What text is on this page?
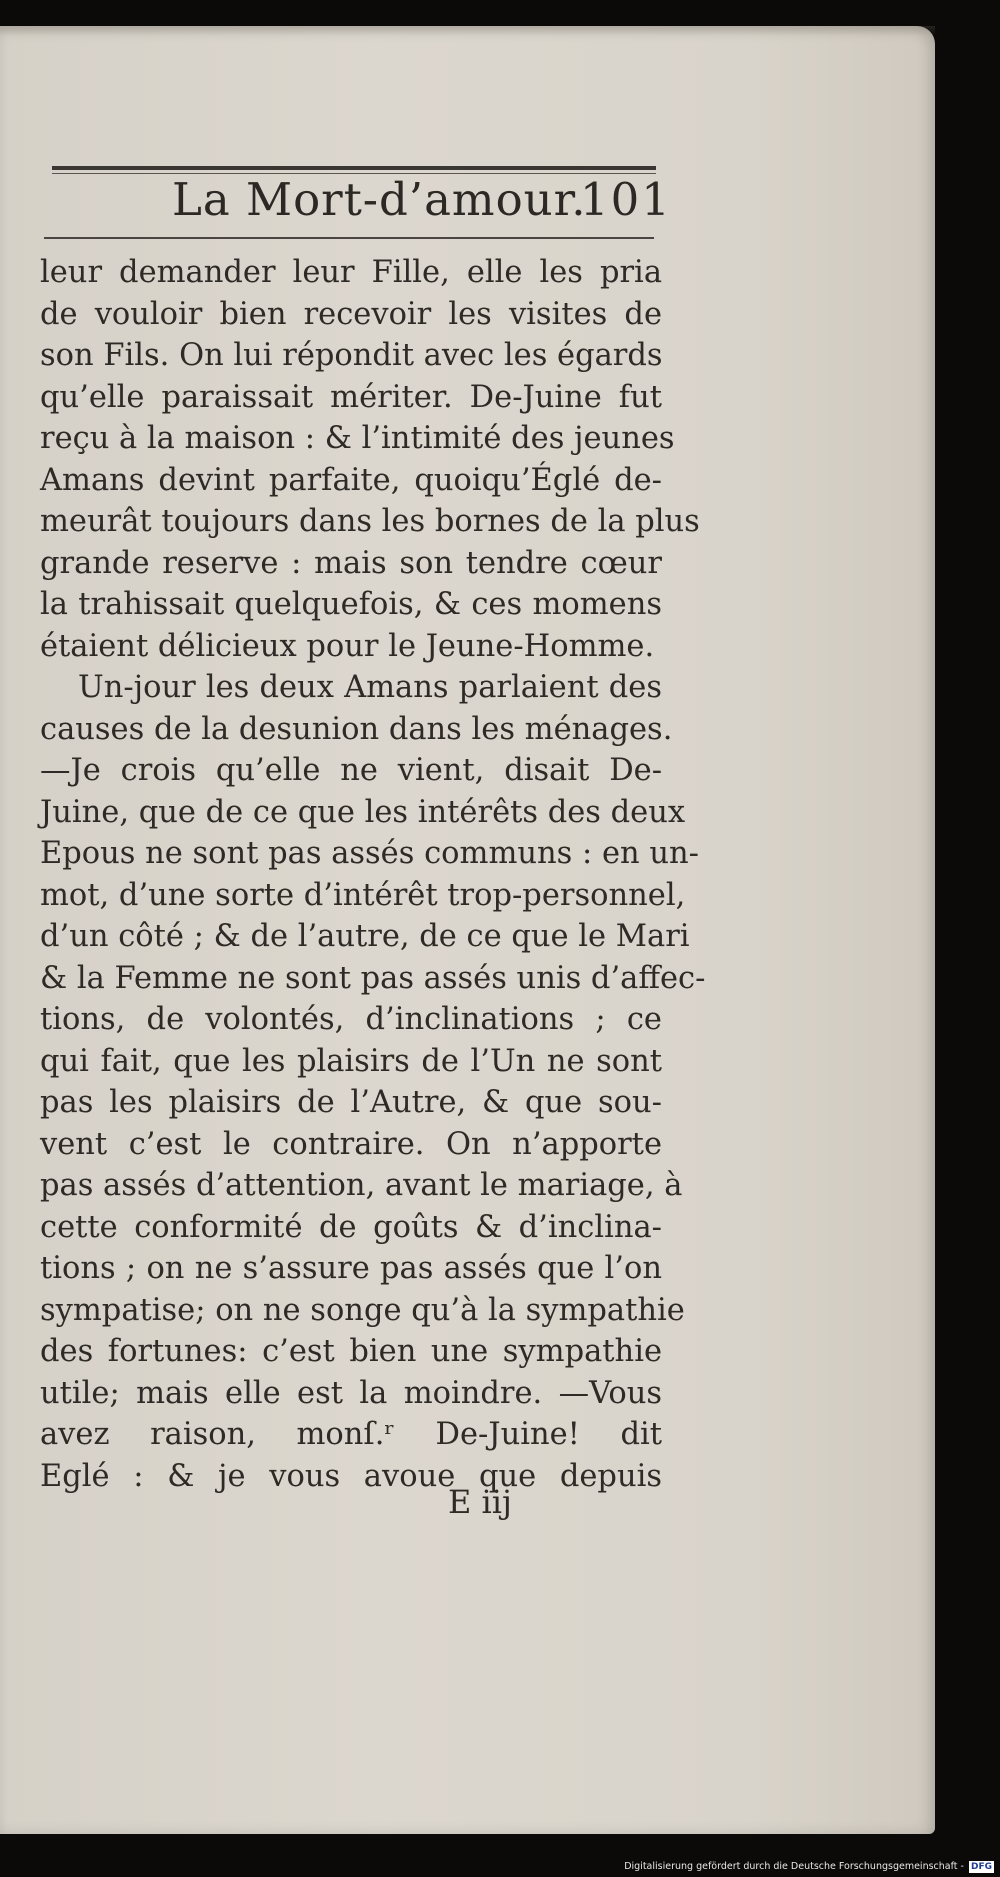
La Mort-d’amour.
101
leur demander leur Fille, elle les pria
de vouloir bien recevoir les visites de
son Fils. On lui répondit avec les égards
qu’elle paraissait mériter. De-Juine fut
reçu à la maison : & l’intimité des jeunes
Amans devint parfaite, quoiqu’Églé de-
meurât toujours dans les bornes de la plus
grande reserve : mais son tendre cœur
la trahissait quelquefois, & ces momens
étaient délicieux pour le Jeune-Homme.
Un-jour les deux Amans parlaient des
causes de la desunion dans les ménages.
—Je crois qu’elle ne vient, disait De-
Juine, que de ce que les intérêts des deux
Epous ne sont pas assés communs : en un-
mot, d’une sorte d’intérêt trop-personnel,
d’un côté ; & de l’autre, de ce que le Mari
& la Femme ne sont pas assés unis d’affec-
tions, de volontés, d’inclinations ; ce
qui fait, que les plaisirs de l’Un ne sont
pas les plaisirs de l’Autre, & que sou-
vent c’est le contraire. On n’apporte
pas assés d’attention, avant le mariage, à
cette conformité de goûts & d’inclina-
tions ; on ne s’assure pas assés que l’on
sympatise; on ne songe qu’à la sympathie
des fortunes: c’est bien une sympathie
utile; mais elle est la moindre. —Vous
avez raison, monſ.ʳ De-Juine! dit
Eglé : & je vous avoue que depuis
E iij
Digitalisierung gefördert durch die Deutsche Forschungsgemeinschaft - DFG
